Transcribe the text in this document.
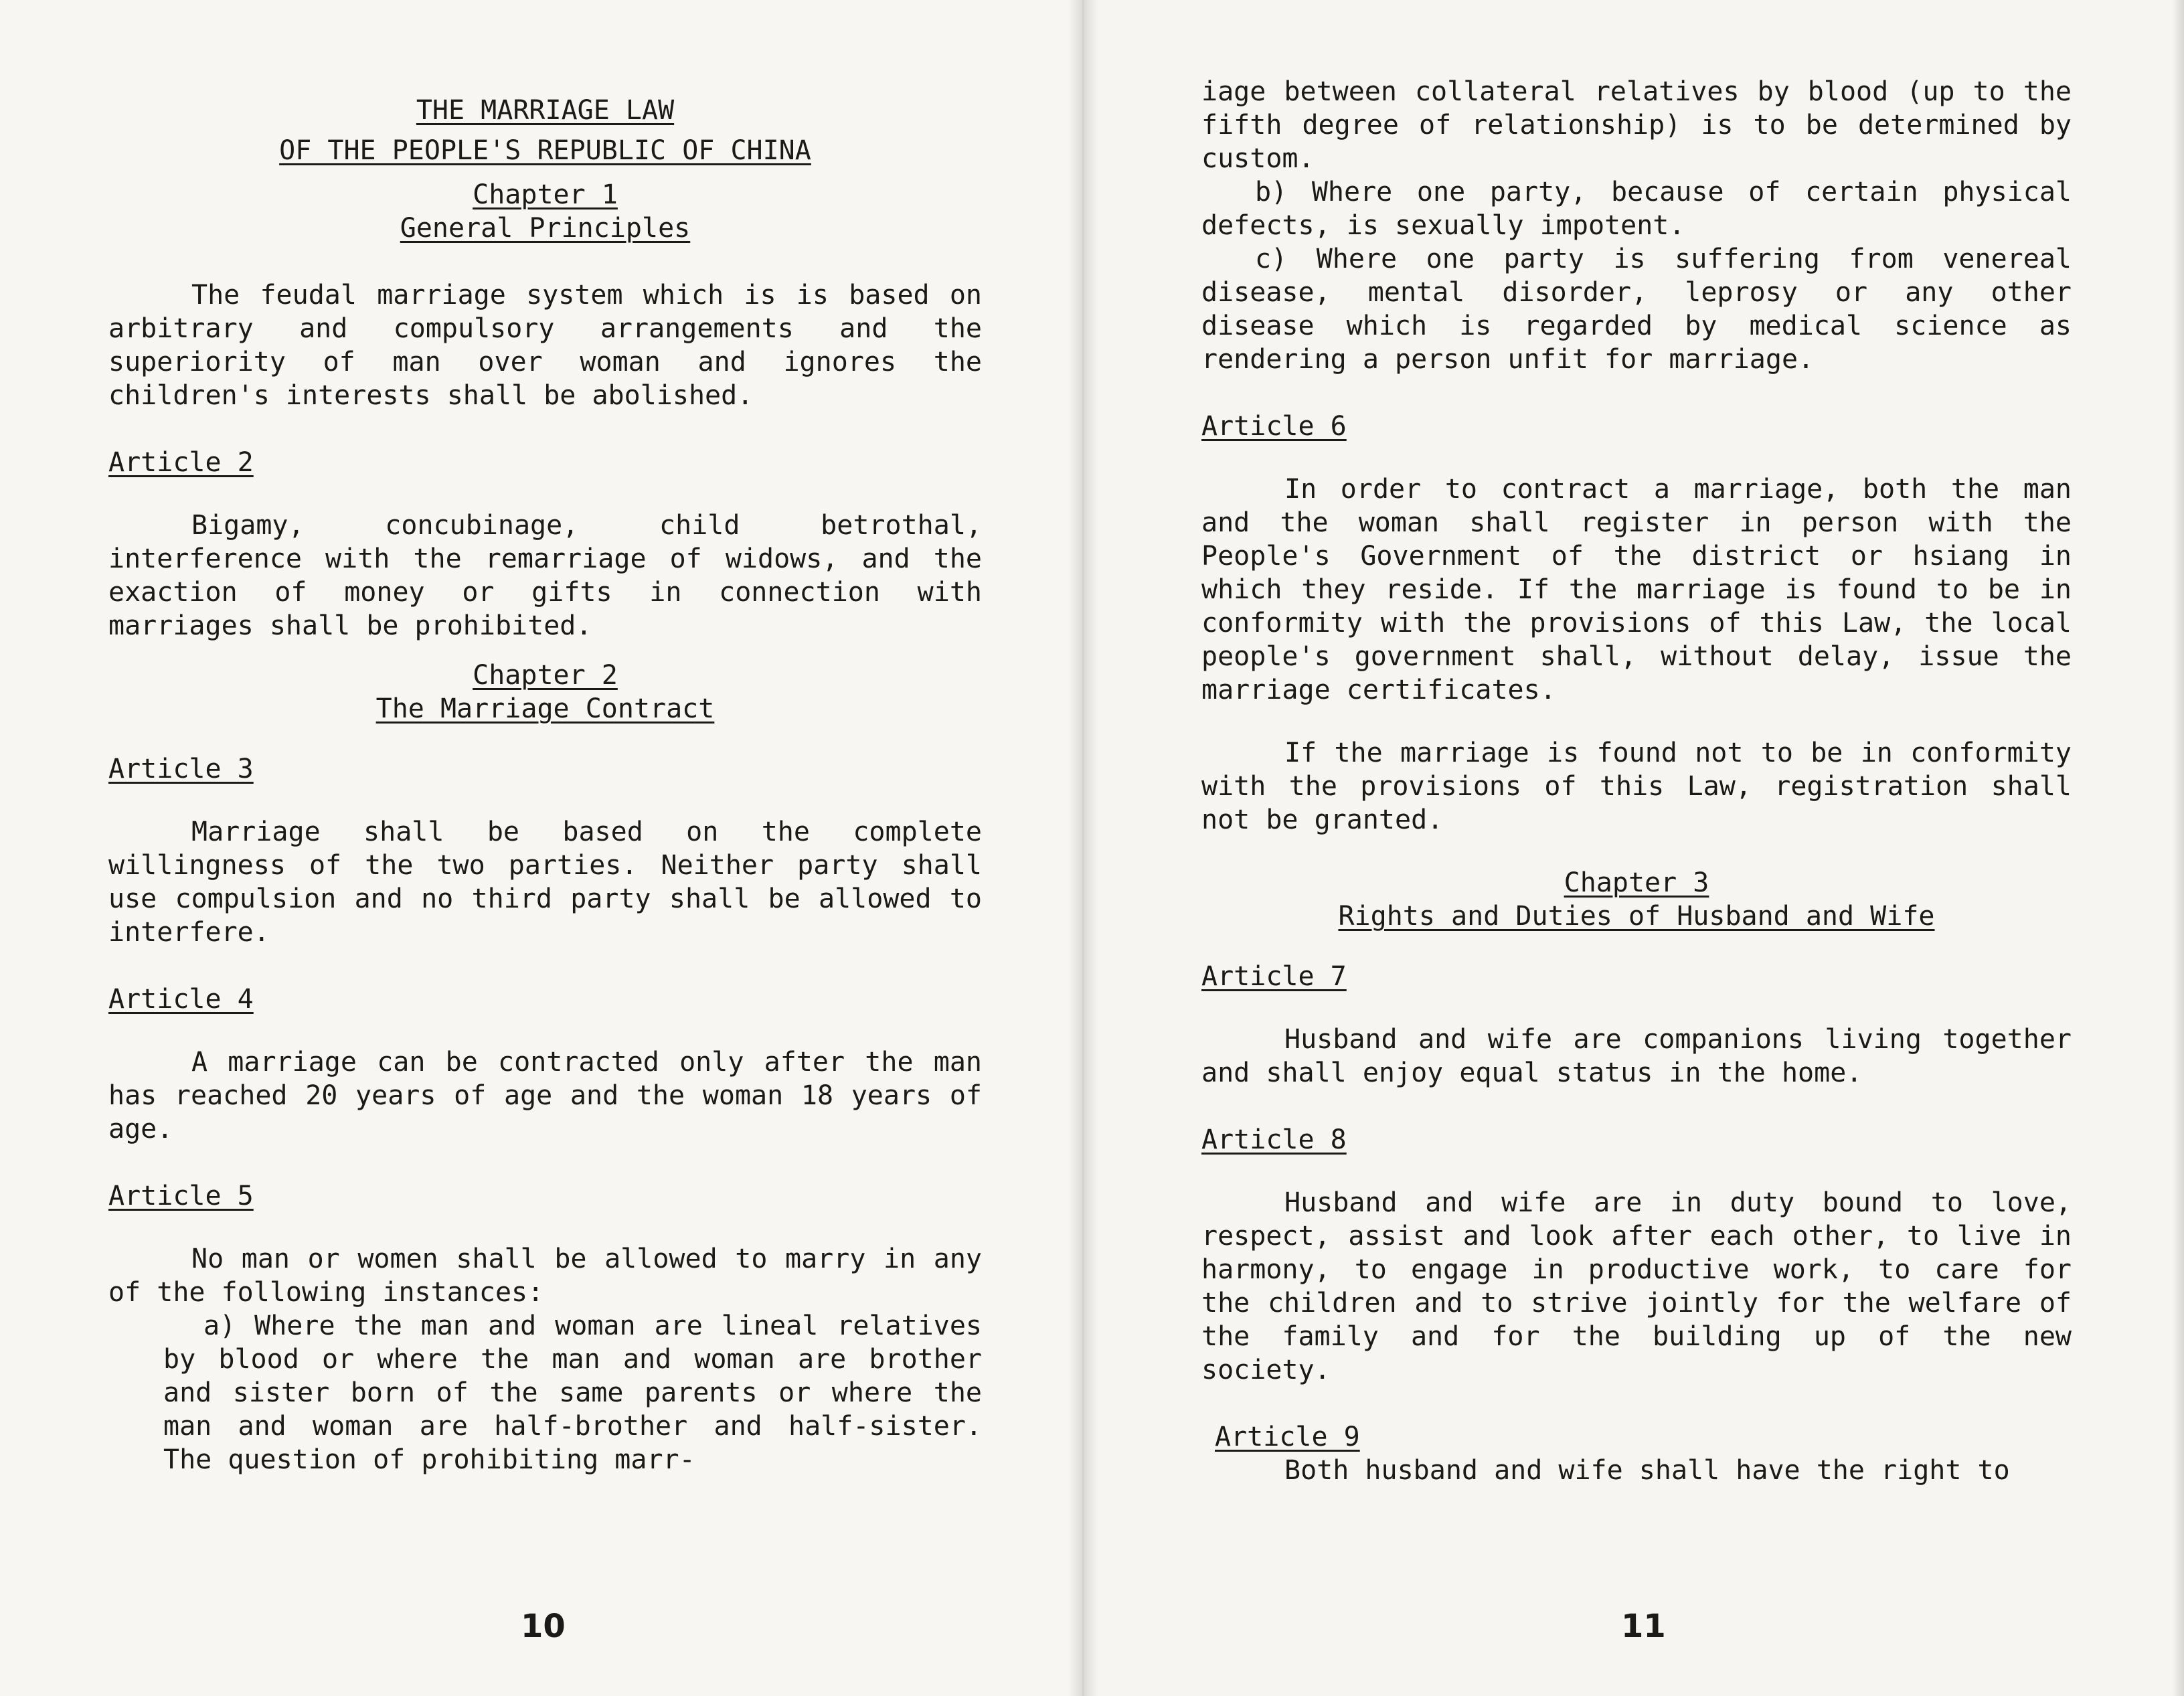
THE MARRIAGE LAW
OF THE PEOPLE'S REPUBLIC OF CHINA
Chapter 1
General Principles

The feudal marriage system which is is based on arbitrary and compulsory arrangements and the superiority of man over woman and ignores the children's interests shall be abolished.

Article 2

Bigamy, concubinage, child betrothal, interference with the remarriage of widows, and the exaction of money or gifts in connection with marriages shall be prohibited.

Chapter 2
The Marriage Contract

Article 3

Marriage shall be based on the complete willingness of the two parties. Neither party shall use compulsion and no third party shall be allowed to interfere.

Article 4

A marriage can be contracted only after the man has reached 20 years of age and the woman 18 years of age.

Article 5

No man or women shall be allowed to marry in any of the following instances:

a) Where the man and woman are lineal relatives by blood or where the man and woman are brother and sister born of the same parents or where the man and woman are half-brother and half-sister. The question of prohibiting marr-

10

iage between collateral relatives by blood (up to the fifth degree of relationship) is to be determined by custom.

b) Where one party, because of certain physical defects, is sexually impotent.

c) Where one party is suffering from venereal disease, mental disorder, leprosy or any other disease which is regarded by medical science as rendering a person unfit for marriage.

Article 6

In order to contract a marriage, both the man and the woman shall register in person with the People's Government of the district or hsiang in which they reside. If the marriage is found to be in conformity with the provisions of this Law, the local people's government shall, without delay, issue the marriage certificates.

If the marriage is found not to be in conformity with the provisions of this Law, registration shall not be granted.

Chapter 3
Rights and Duties of Husband and Wife

Article 7

Husband and wife are companions living together and shall enjoy equal status in the home.

Article 8

Husband and wife are in duty bound to love, respect, assist and look after each other, to live in harmony, to engage in productive work, to care for the children and to strive jointly for the welfare of the family and for the building up of the new society.

Article 9

Both husband and wife shall have the right to

11
